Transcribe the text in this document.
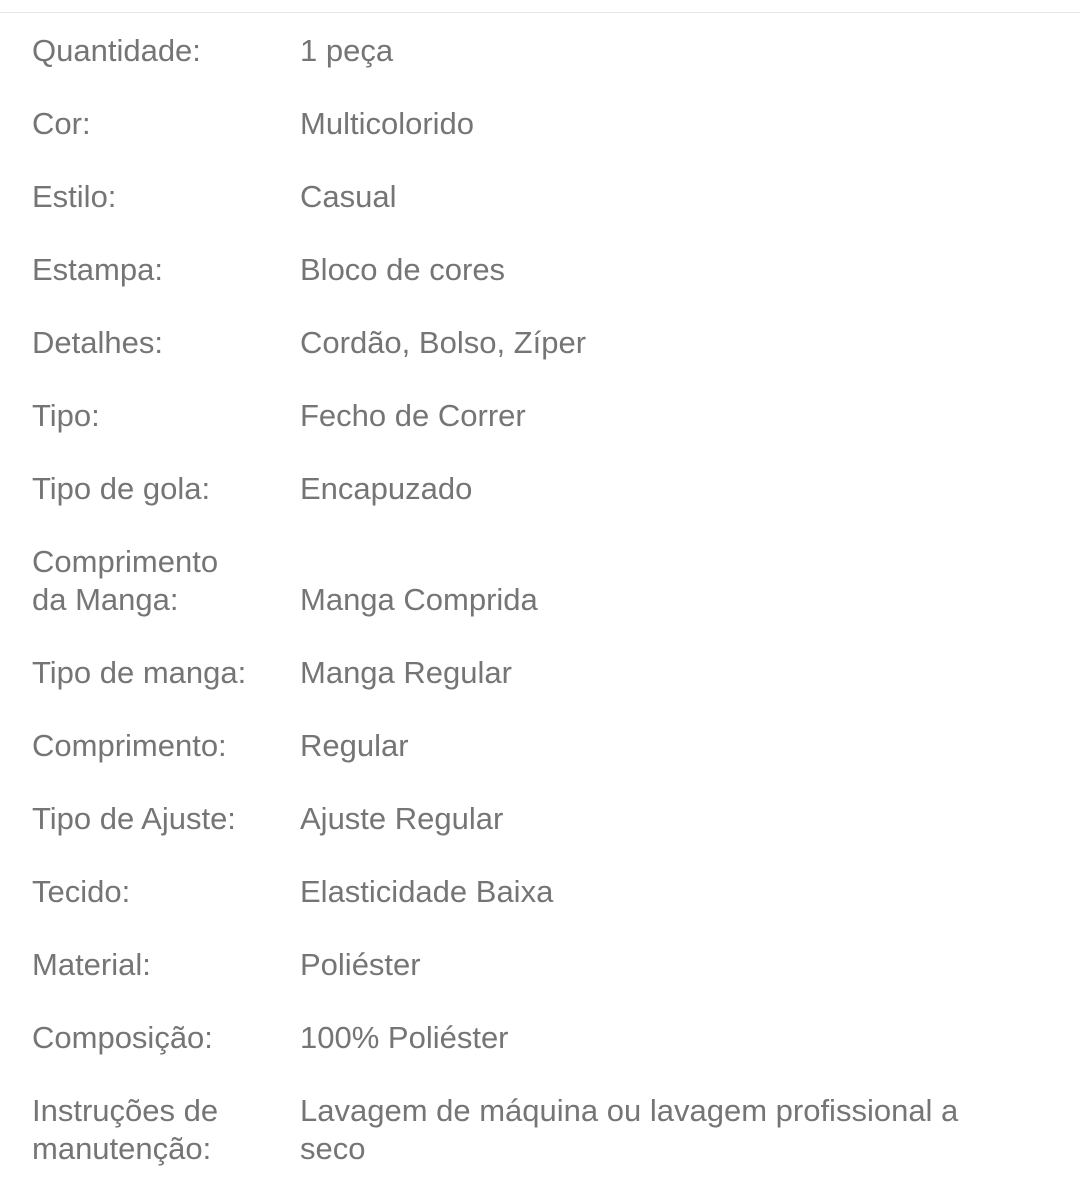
Quantidade:	1 peça
Cor:	Multicolorido
Estilo:	Casual
Estampa:	Bloco de cores
Detalhes:	Cordão, Bolso, Zíper
Tipo:	Fecho de Correr
Tipo de gola:	Encapuzado
Comprimento
da Manga:	Manga Comprida
Tipo de manga:	Manga Regular
Comprimento:	Regular
Tipo de Ajuste:	Ajuste Regular
Tecido:	Elasticidade Baixa
Material:	Poliéster
Composição:	100% Poliéster
Instruções de
manutenção:
Lavagem de máquina ou lavagem profissional a
seco
